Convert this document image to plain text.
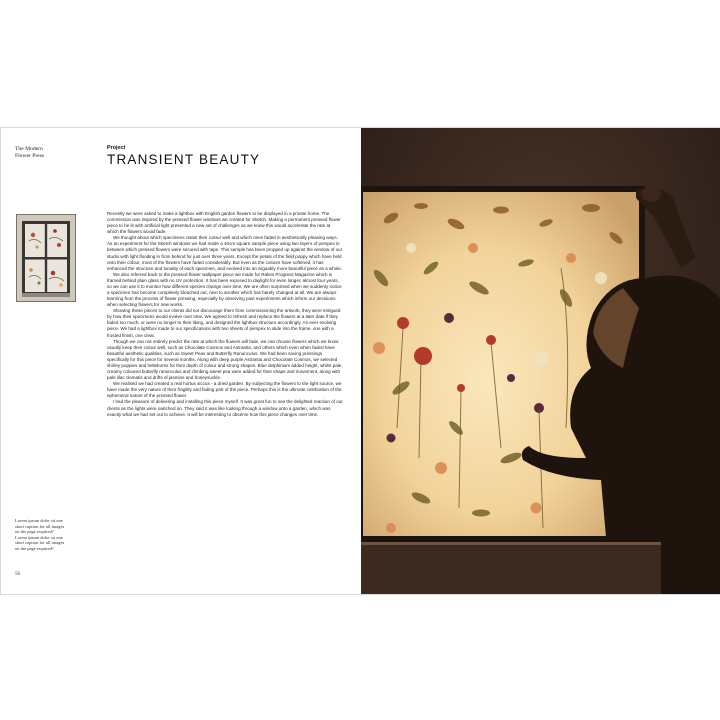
The Modern
Flower Press
Project
TRANSIENT BEAUTY

Recently we were asked to make a lightbox with English garden flowers to be displayed in a private home. The commission was inspired by the pressed flower windows we created for Sketch. Making a permanent pressed flower piece to be lit with artificial light presented a new set of challenges as we knew this would accelerate the rate at which the flowers would fade.

We thought about which specimens retain their colour well and which ones faded in aesthetically pleasing ways. As an experiment for the Sketch windows we had made a 40cm square sample piece using two layers of perspex in between which pressed flowers were secured with tape. This sample has been propped up against the window of our studio with light flooding in from behind for just over three years. Except the petals of the field poppy which have held onto their colour, most of the flowers have faded considerably. But even as the colours have softened, it has enhanced the structure and tonality of each specimen, and evolved into an arguably more beautiful piece as a whole.

We also referred back to the pressed flower wallpaper piece we made for Rakes Progress Magazine which is framed behind plain glass with no UV protection. It has been exposed to daylight for even longer, almost four years, so we can use it to monitor how different species change over time. We are often surprised when we suddenly notice a specimen has become completely bleached out, next to another which has barely changed at all. We are always learning from the process of flower pressing, especially by observing past experiments which inform our decisions when selecting flowers for new works.

Showing these pieces to our clients did not discourage them from commissioning the artwork, they were intrigued by how their specimens would evolve over time. We agreed to refresh and replace the flowers at a later date if they faded too much, or were no longer to their liking, and designed the lightbox structure accordingly. An ever evolving piece. We had a lightbox made to our specifications with two sheets of perspex to slide into the frame, one with a frosted finish, one clear.

Though we can not entirely predict the rate at which the flowers will fade, we can choose flowers which we know usually keep their colour well, such as Chocolate Cosmos and Astrantia, and others which even when faded have beautiful aesthetic qualities, such as Sweet Peas and Butterfly Ranunculus. We had been saving pressings specifically for this piece for several months. Along with deep purple Astrantia and Chocolate Cosmos, we selected shirley poppies and hellebores for their depth of colour and strong shapes. Blue delphinium added height, whilst pale, creamy coloured butterfly ranunculus and climbing sweet pea were added for their shape and movement, along with pale lilac clematis and drifts of jasmine and honeysuckle.

We realised we had created a real hortus siccus - a dried garden. By subjecting the flowers to the light source, we have made the very nature of their fragility and fading part of the piece. Perhaps this is the ultimate celebration of the ephemeral nature of the pressed flower.

I had the pleasure of delivering and installing this piece myself. It was great fun to see the delighted reaction of our clients as the lights were switched on. They said it was like looking through a window onto a garden, which was exactly what we had set out to achieve. It will be interesting to observe how this piece changes over time.

Lorem ipsum dolor sit one
short caption for all images
on the page required?
Lorem ipsum dolor sit one
short caption for all images
on the page required?
56
